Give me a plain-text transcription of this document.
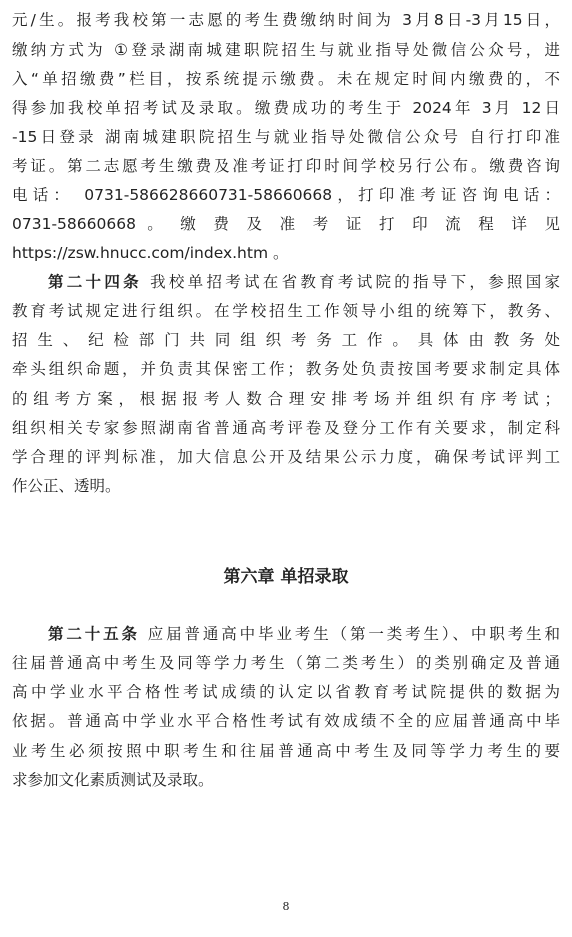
元/生。报考我校第一志愿的考生费缴纳时间为 3月8日-3月15日，
缴纳方式为 ①登录湖南城建职院招生与就业指导处微信公众号，进
入“单招缴费”栏目，按系统提示缴费。未在规定时间内缴费的，不
得参加我校单招考试及录取。缴费成功的考生于 2024年 3月 12日
-15日登录 湖南城建职院招生与就业指导处微信公众号 自行打印准
考证。第二志愿考生缴费及准考证打印时间学校另行公布。缴费咨询
电话： 0731-586628660731-58660668，打印准考证咨询电话：
0731-58660668 。 缴 费 及 准 考 证 打 印 流 程 详 见
https://zsw.hnucc.com/index.htm 。
第二十四条 我校单招考试在省教育考试院的指导下，参照国家
教育考试规定进行组织。在学校招生工作领导小组的统筹下，教务、
招生、纪检部门共同组织考务工作。具体由教务处
牵头组织命题，并负责其保密工作；教务处负责按国考要求制定具体
的组考方案，根据报考人数合理安排考场并组织有序考试；
组织相关专家参照湖南省普通高考评卷及登分工作有关要求，制定科
学合理的评判标准，加大信息公开及结果公示力度，确保考试评判工
作公正、透明。
第六章 单招录取
第二十五条 应届普通高中毕业考生（第一类考生）、中职考生和
往届普通高中考生及同等学力考生（第二类考生）的类别确定及普通
高中学业水平合格性考试成绩的认定以省教育考试院提供的数据为
依据。普通高中学业水平合格性考试有效成绩不全的应届普通高中毕
业考生必须按照中职考生和往届普通高中考生及同等学力考生的要
求参加文化素质测试及录取。
8
